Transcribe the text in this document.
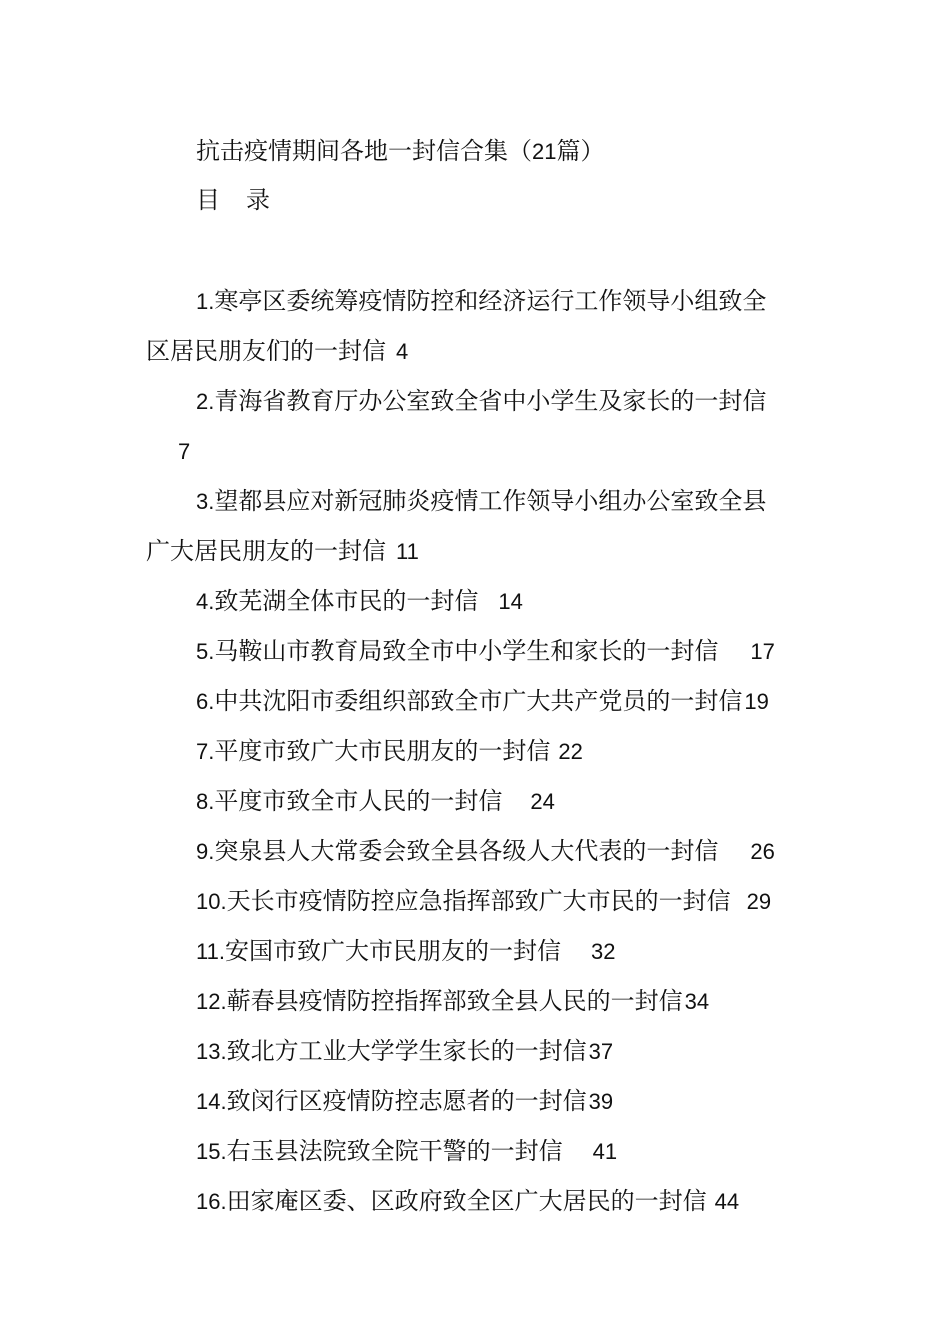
抗击疫情期间各地一封信合集（21篇）
目 录
1.寒亭区委统筹疫情防控和经济运行工作领导小组致全
区居民朋友们的一封信 4
2.青海省教育厅办公室致全省中小学生及家长的一封信
7
3.望都县应对新冠肺炎疫情工作领导小组办公室致全县
广大居民朋友的一封信 11
4.致芜湖全体市民的一封信 14
5.马鞍山市教育局致全市中小学生和家长的一封信 17
6.中共沈阳市委组织部致全市广大共产党员的一封信19
7.平度市致广大市民朋友的一封信 22
8.平度市致全市人民的一封信 24
9.突泉县人大常委会致全县各级人大代表的一封信 26
10.天长市疫情防控应急指挥部致广大市民的一封信 29
11.安国市致广大市民朋友的一封信 32
12.蕲春县疫情防控指挥部致全县人民的一封信34
13.致北方工业大学学生家长的一封信37
14.致闵行区疫情防控志愿者的一封信39
15.右玉县法院致全院干警的一封信 41
16.田家庵区委、区政府致全区广大居民的一封信 44
